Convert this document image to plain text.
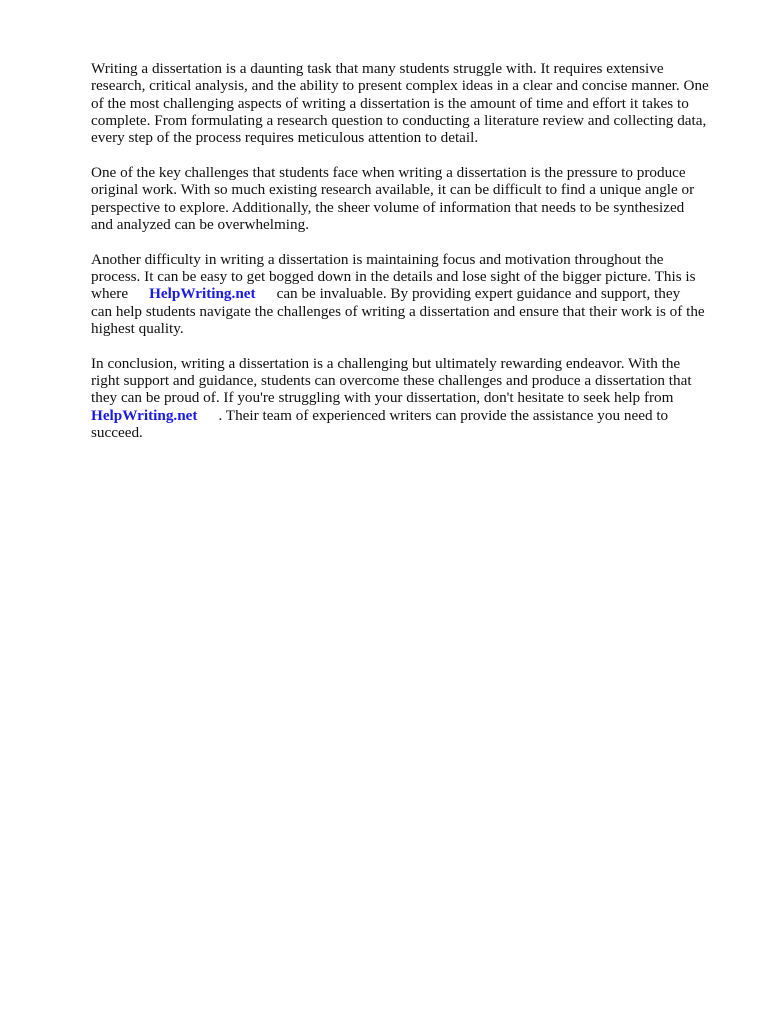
Writing a dissertation is a daunting task that many students struggle with. It requires extensive
research, critical analysis, and the ability to present complex ideas in a clear and concise manner. One
of the most challenging aspects of writing a dissertation is the amount of time and effort it takes to
complete. From formulating a research question to conducting a literature review and collecting data,
every step of the process requires meticulous attention to detail.

One of the key challenges that students face when writing a dissertation is the pressure to produce
original work. With so much existing research available, it can be difficult to find a unique angle or
perspective to explore. Additionally, the sheer volume of information that needs to be synthesized
and analyzed can be overwhelming.

Another difficulty in writing a dissertation is maintaining focus and motivation throughout the
process. It can be easy to get bogged down in the details and lose sight of the bigger picture. This is
where HelpWriting.net can be invaluable. By providing expert guidance and support, they
can help students navigate the challenges of writing a dissertation and ensure that their work is of the
highest quality.

In conclusion, writing a dissertation is a challenging but ultimately rewarding endeavor. With the
right support and guidance, students can overcome these challenges and produce a dissertation that
they can be proud of. If you're struggling with your dissertation, don't hesitate to seek help from
HelpWriting.net . Their team of experienced writers can provide the assistance you need to
succeed.
